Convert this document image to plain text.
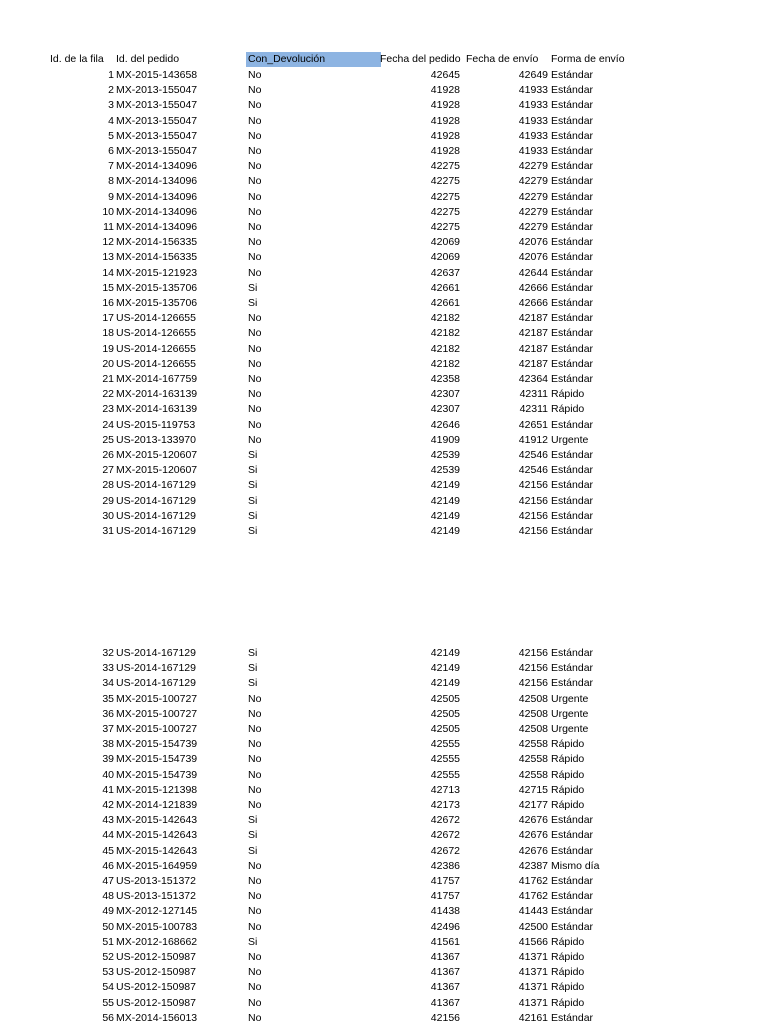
Id. de la fila	Id. del pedido	Con_Devolución	Fecha del pedido Fecha de envío	Forma de envío
1 MX-2015-143658	No	42645	42649 Estándar
2 MX-2013-155047	No	41928	41933 Estándar
3 MX-2013-155047	No	41928	41933 Estándar
4 MX-2013-155047	No	41928	41933 Estándar
5 MX-2013-155047	No	41928	41933 Estándar
6 MX-2013-155047	No	41928	41933 Estándar
7 MX-2014-134096	No	42275	42279 Estándar
8 MX-2014-134096	No	42275	42279 Estándar
9 MX-2014-134096	No	42275	42279 Estándar
10 MX-2014-134096	No	42275	42279 Estándar
11 MX-2014-134096	No	42275	42279 Estándar
12 MX-2014-156335	No	42069	42076 Estándar
13 MX-2014-156335	No	42069	42076 Estándar
14 MX-2015-121923	No	42637	42644 Estándar
15 MX-2015-135706	Si	42661	42666 Estándar
16 MX-2015-135706	Si	42661	42666 Estándar
17 US-2014-126655	No	42182	42187 Estándar
18 US-2014-126655	No	42182	42187 Estándar
19 US-2014-126655	No	42182	42187 Estándar
20 US-2014-126655	No	42182	42187 Estándar
21 MX-2014-167759	No	42358	42364 Estándar
22 MX-2014-163139	No	42307	42311 Rápido
23 MX-2014-163139	No	42307	42311 Rápido
24 US-2015-119753	No	42646	42651 Estándar
25 US-2013-133970	No	41909	41912 Urgente
26 MX-2015-120607	Si	42539	42546 Estándar
27 MX-2015-120607	Si	42539	42546 Estándar
28 US-2014-167129	Si	42149	42156 Estándar
29 US-2014-167129	Si	42149	42156 Estándar
30 US-2014-167129	Si	42149	42156 Estándar
31 US-2014-167129	Si	42149	42156 Estándar
32 US-2014-167129	Si	42149	42156 Estándar
33 US-2014-167129	Si	42149	42156 Estándar
34 US-2014-167129	Si	42149	42156 Estándar
35 MX-2015-100727	No	42505	42508 Urgente
36 MX-2015-100727	No	42505	42508 Urgente
37 MX-2015-100727	No	42505	42508 Urgente
38 MX-2015-154739	No	42555	42558 Rápido
39 MX-2015-154739	No	42555	42558 Rápido
40 MX-2015-154739	No	42555	42558 Rápido
41 MX-2015-121398	No	42713	42715 Rápido
42 MX-2014-121839	No	42173	42177 Rápido
43 MX-2015-142643	Si	42672	42676 Estándar
44 MX-2015-142643	Si	42672	42676 Estándar
45 MX-2015-142643	Si	42672	42676 Estándar
46 MX-2015-164959	No	42386	42387 Mismo día
47 US-2013-151372	No	41757	41762 Estándar
48 US-2013-151372	No	41757	41762 Estándar
49 MX-2012-127145	No	41438	41443 Estándar
50 MX-2015-100783	No	42496	42500 Estándar
51 MX-2012-168662	Si	41561	41566 Rápido
52 US-2012-150987	No	41367	41371 Rápido
53 US-2012-150987	No	41367	41371 Rápido
54 US-2012-150987	No	41367	41371 Rápido
55 US-2012-150987	No	41367	41371 Rápido
56 MX-2014-156013	No	42156	42161 Estándar
